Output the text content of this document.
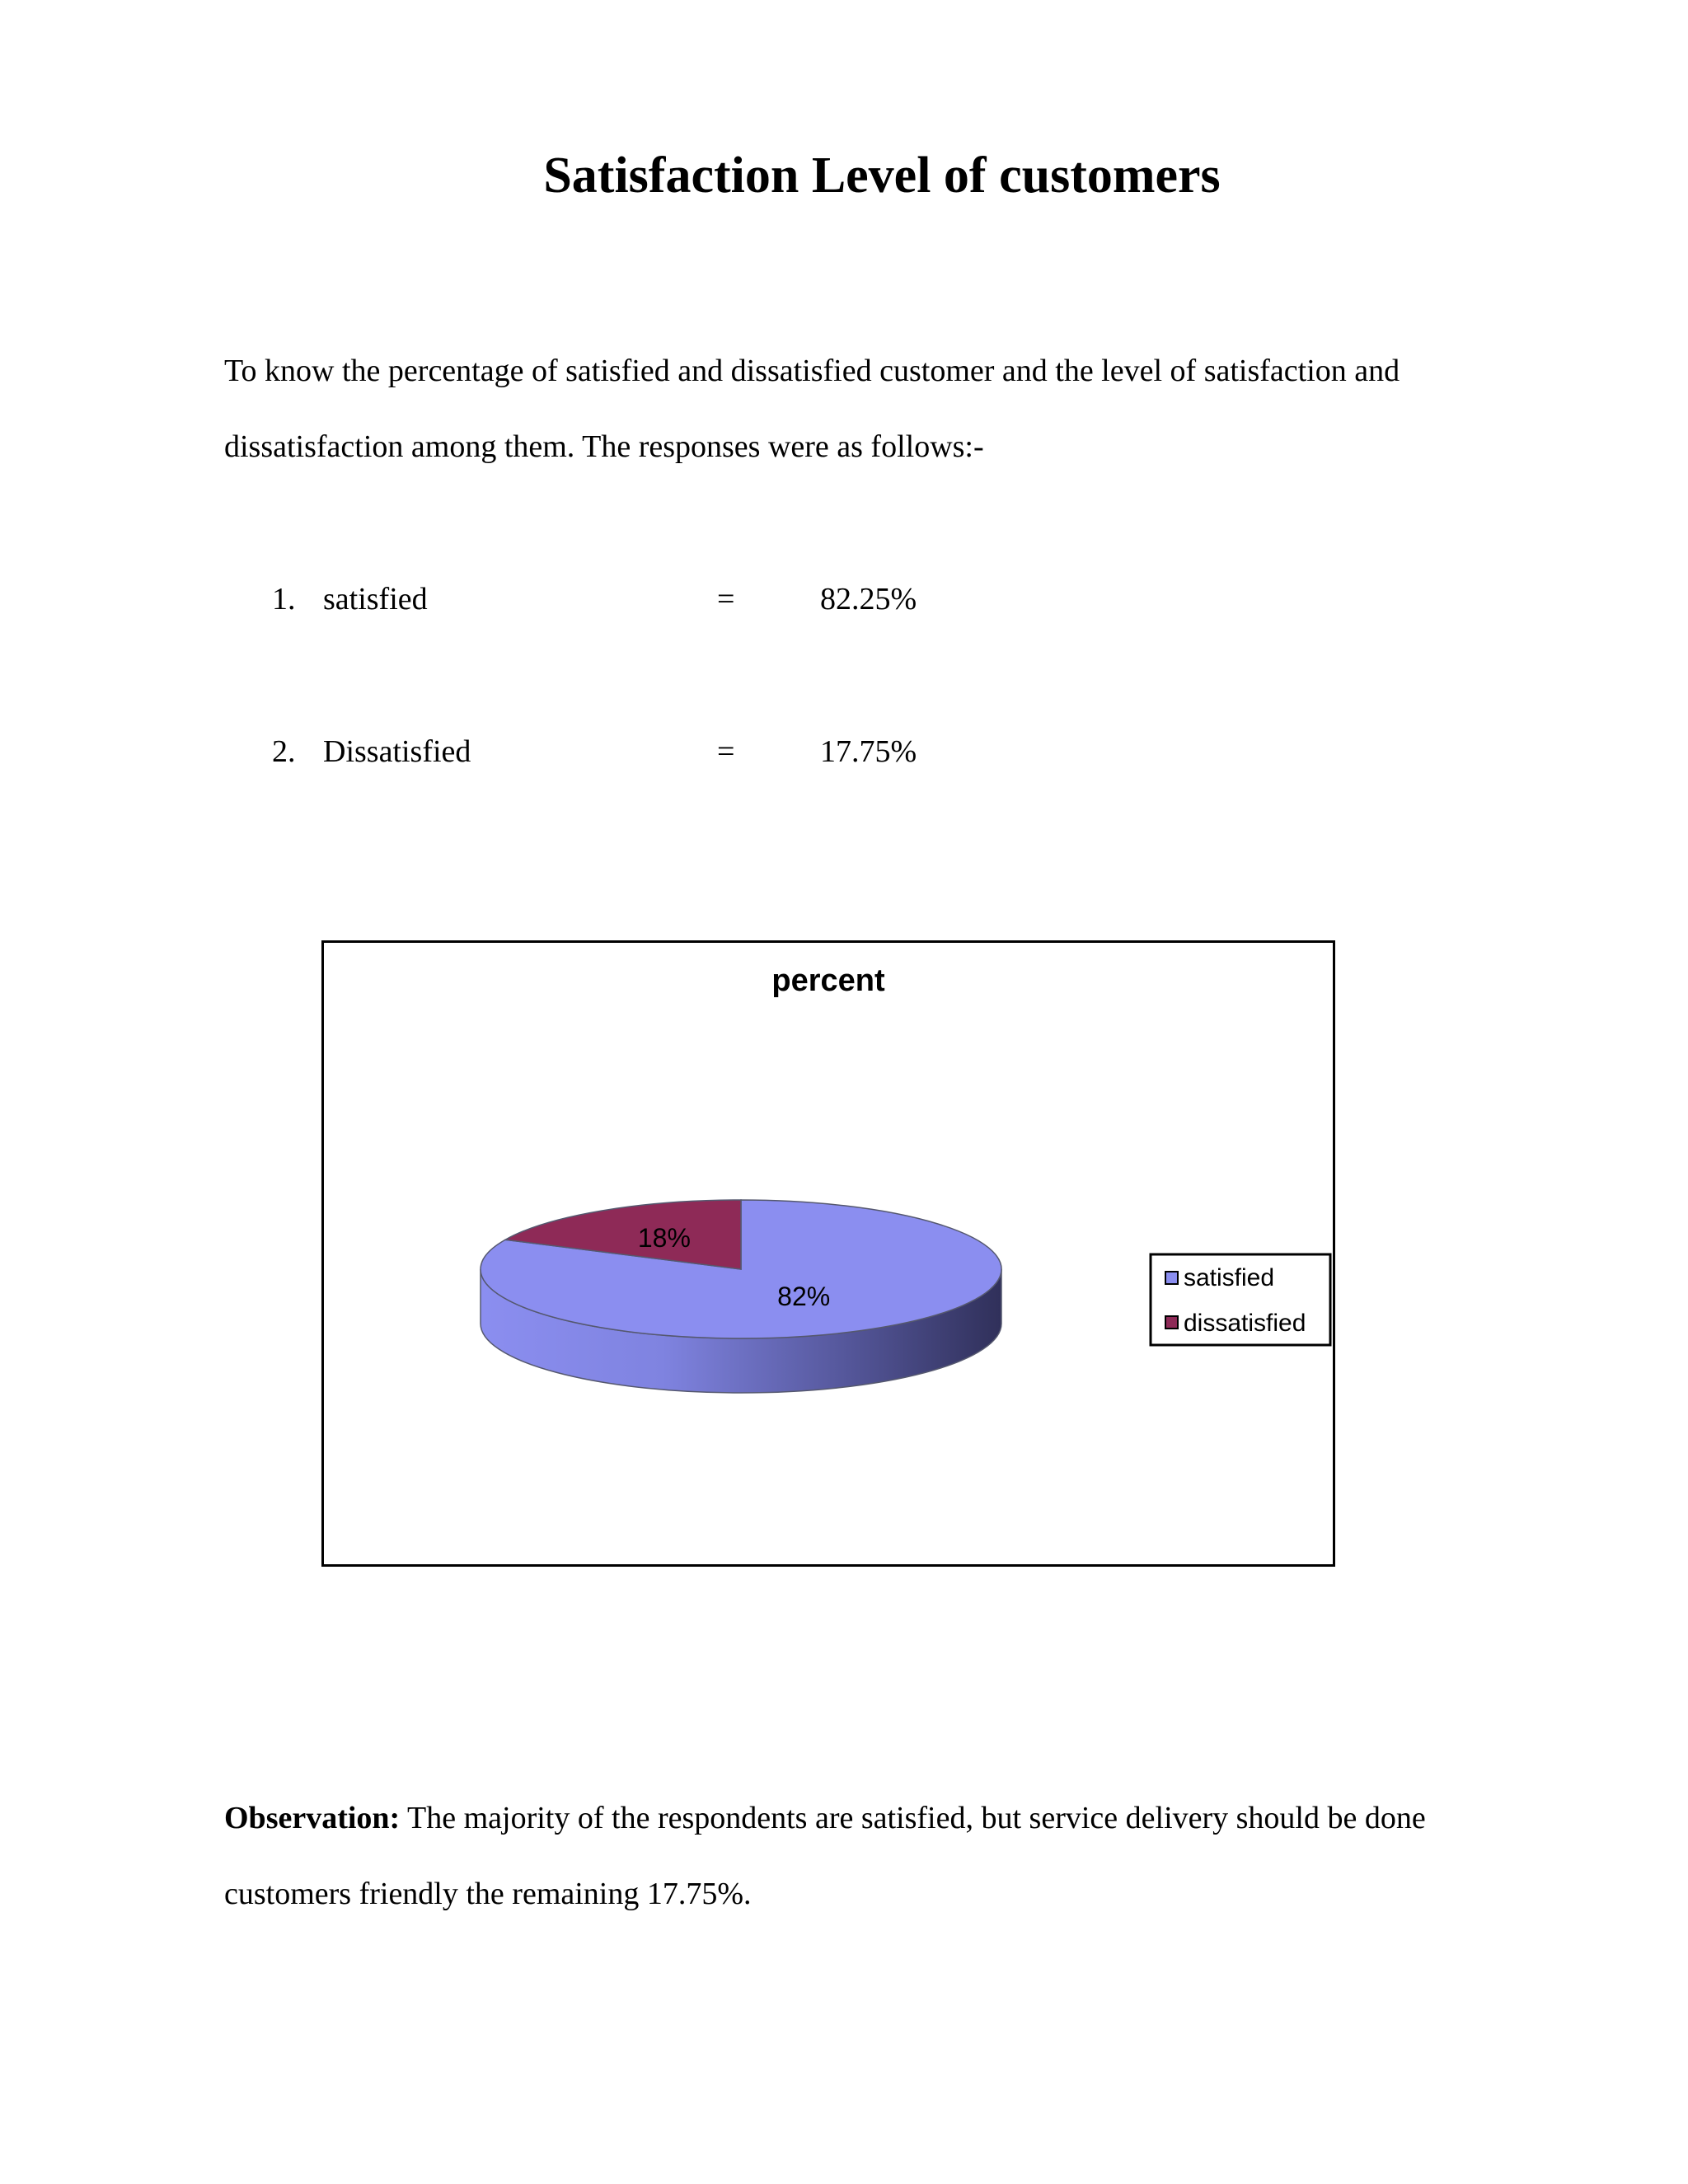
Satisfaction Level of customers

To know the percentage of satisfied and dissatisfied customer and the level of satisfaction and dissatisfaction among them. The responses were as follows:-

1. satisfied	=	82.25%
2. Dissatisfied	=	17.75%
percent
82%
18%
satisfied
dissatisfied

Observation: The majority of the respondents are satisfied, but service delivery should be done customers friendly the remaining 17.75%.
